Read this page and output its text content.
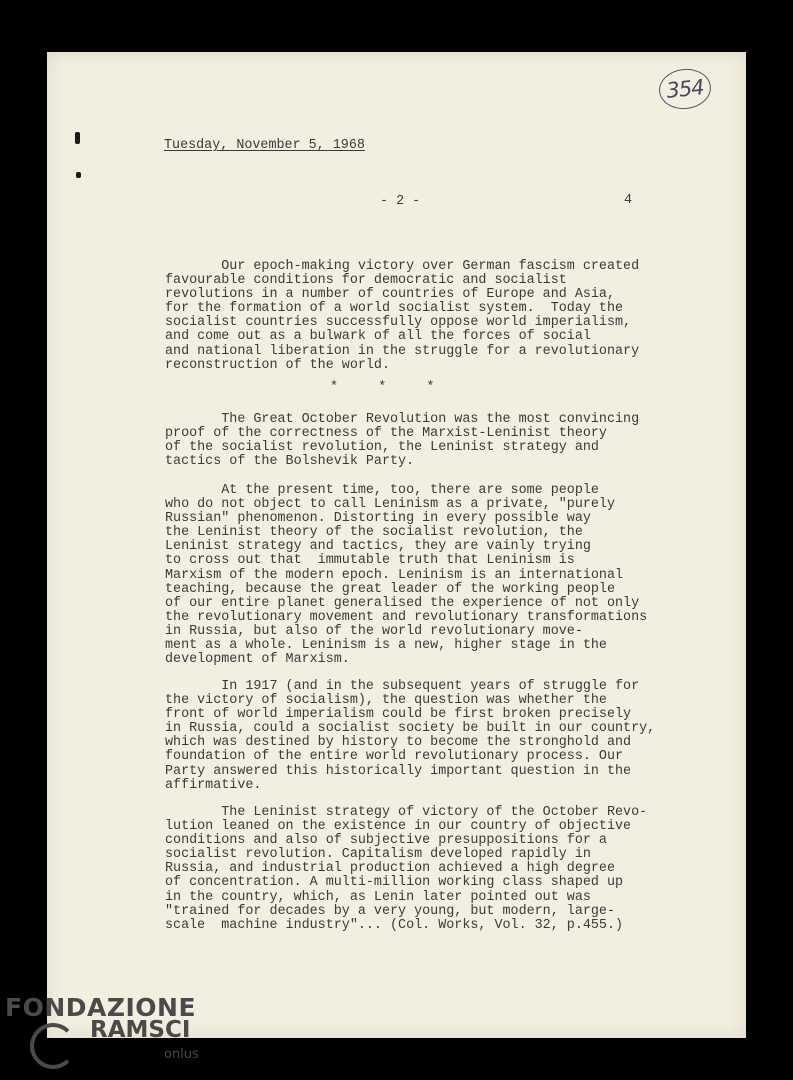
354
Tuesday, November 5, 1968
- 2 -	4
Our epoch-making victory over German fascism created
favourable conditions for democratic and socialist
revolutions in a number of countries of Europe and Asia,
for the formation of a world socialist system.  Today the
socialist countries successfully oppose world imperialism,
and come out as a bulwark of all the forces of social
and national liberation in the struggle for a revolutionary
reconstruction of the world.
*     *     *
The Great October Revolution was the most convincing
proof of the correctness of the Marxist-Leninist theory
of the socialist revolution, the Leninist strategy and
tactics of the Bolshevik Party.
At the present time, too, there are some people
who do not object to call Leninism as a private, "purely
Russian" phenomenon. Distorting in every possible way
the Leninist theory of the socialist revolution, the
Leninist strategy and tactics, they are vainly trying
to cross out that  immutable truth that Leninism is
Marxism of the modern epoch. Leninism is an international
teaching, because the great leader of the working people
of our entire planet generalised the experience of not only
the revolutionary movement and revolutionary transformations
in Russia, but also of the world revolutionary move-
ment as a whole. Leninism is a new, higher stage in the
development of Marxism.
In 1917 (and in the subsequent years of struggle for
the victory of socialism), the question was whether the
front of world imperialism could be first broken precisely
in Russia, could a socialist society be built in our country,
which was destined by history to become the stronghold and
foundation of the entire world revolutionary process. Our
Party answered this historically important question in the
affirmative.
The Leninist strategy of victory of the October Revo-
lution leaned on the existence in our country of objective
conditions and also of subjective presuppositions for a
socialist revolution. Capitalism developed rapidly in
Russia, and industrial production achieved a high degree
of concentration. A multi-million working class shaped up
in the country, which, as Lenin later pointed out was
"trained for decades by a very young, but modern, large-
scale  machine industry"... (Col. Works, Vol. 32, p.455.)
FONDAZIONE
RAMSCI
onlus
